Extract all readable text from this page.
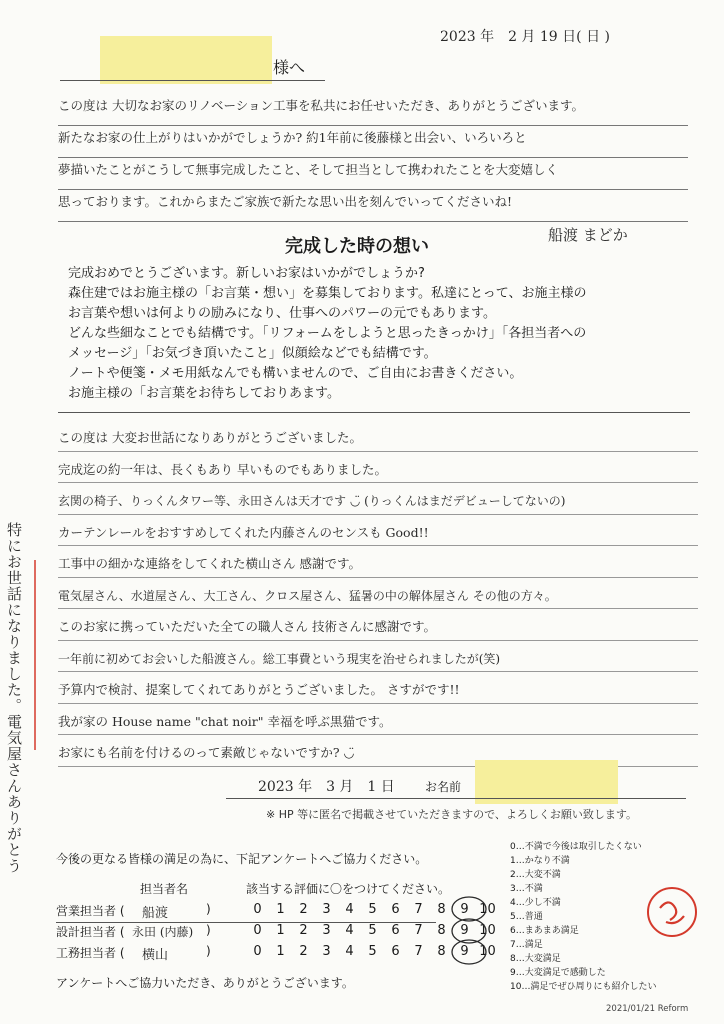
2023 年　2 月 19 日( 日 )
様へ
この度は 大切なお家のリノベーション工事を私共にお任せいただき、ありがとうございます。
新たなお家の仕上がりはいかがでしょうか? 約1年前に後藤様と出会い、いろいろと
夢描いたことがこうして無事完成したこと、そして担当として携われたことを大変嬉しく
思っております。これからまたご家族で新たな思い出を刻んでいってくださいね!
船渡 まどか
完成した時の想い
完成おめでとうございます。新しいお家はいかがでしょうか?
森住建ではお施主様の「お言葉・想い」を募集しております。私達にとって、お施主様の
お言葉や想いは何よりの励みになり、仕事へのパワーの元でもあります。
どんな些細なことでも結構です。「リフォームをしようと思ったきっかけ」「各担当者への
メッセージ」「お気づき頂いたこと」似顔絵などでも結構です。
ノートや便箋・メモ用紙なんでも構いませんので、ご自由にお書きください。
お施主様の「お言葉をお待ちしておりあます。
この度は 大変お世話になりありがとうございました。
完成迄の約一年は、長くもあり 早いものでもありました。
玄関の椅子、りっくんタワー等、永田さんは天才です ◡̈ (りっくんはまだデビューしてないの)
カーテンレールをおすすめしてくれた内藤さんのセンスも Good!!
工事中の細かな連絡をしてくれた横山さん 感謝です。
電気屋さん、水道屋さん、大工さん、クロス屋さん、猛暑の中の解体屋さん その他の方々。
このお家に携っていただいた全ての職人さん 技術さんに感謝です。
一年前に初めてお会いした船渡さん。総工事費という現実を治せられましたが(笑)
予算内で検討、提案してくれてありがとうございました。 さすがです!!
我が家の House name "chat noir" 幸福を呼ぶ黒猫です。
お家にも名前を付けるのって素敵じゃないですか? ◡̈
特にお世話になりました。電気屋さんありがとう	2023 年　3 月　1 日	お名前
※ HP 等に匿名で掲載させていただきますので、よろしくお願い致します。
今後の更なる皆様の満足の為に、下記アンケートへご協力ください。
担当者名	該当する評価に〇をつけてください。
営業担当者 ( 船渡	)	0 1 2 3 4 5 6 7 8 9 10
設計担当者 ( 永田 (内藤) )	0 1 2 3 4 5 6 7 8 9 10
工務担当者 ( 横山	)	0 1 2 3 4 5 6 7 8 9 10
アンケートへご協力いただき、ありがとうございます。
0…不満で今後は取引したくない
1…かなり不満
2…大変不満
3…不満
4…少し不満
5…普通
6…まあまあ満足
7…満足
8…大変満足
9…大変満足で感動した
10…満足でぜひ周りにも紹介したい
2021/01/21 Reform
